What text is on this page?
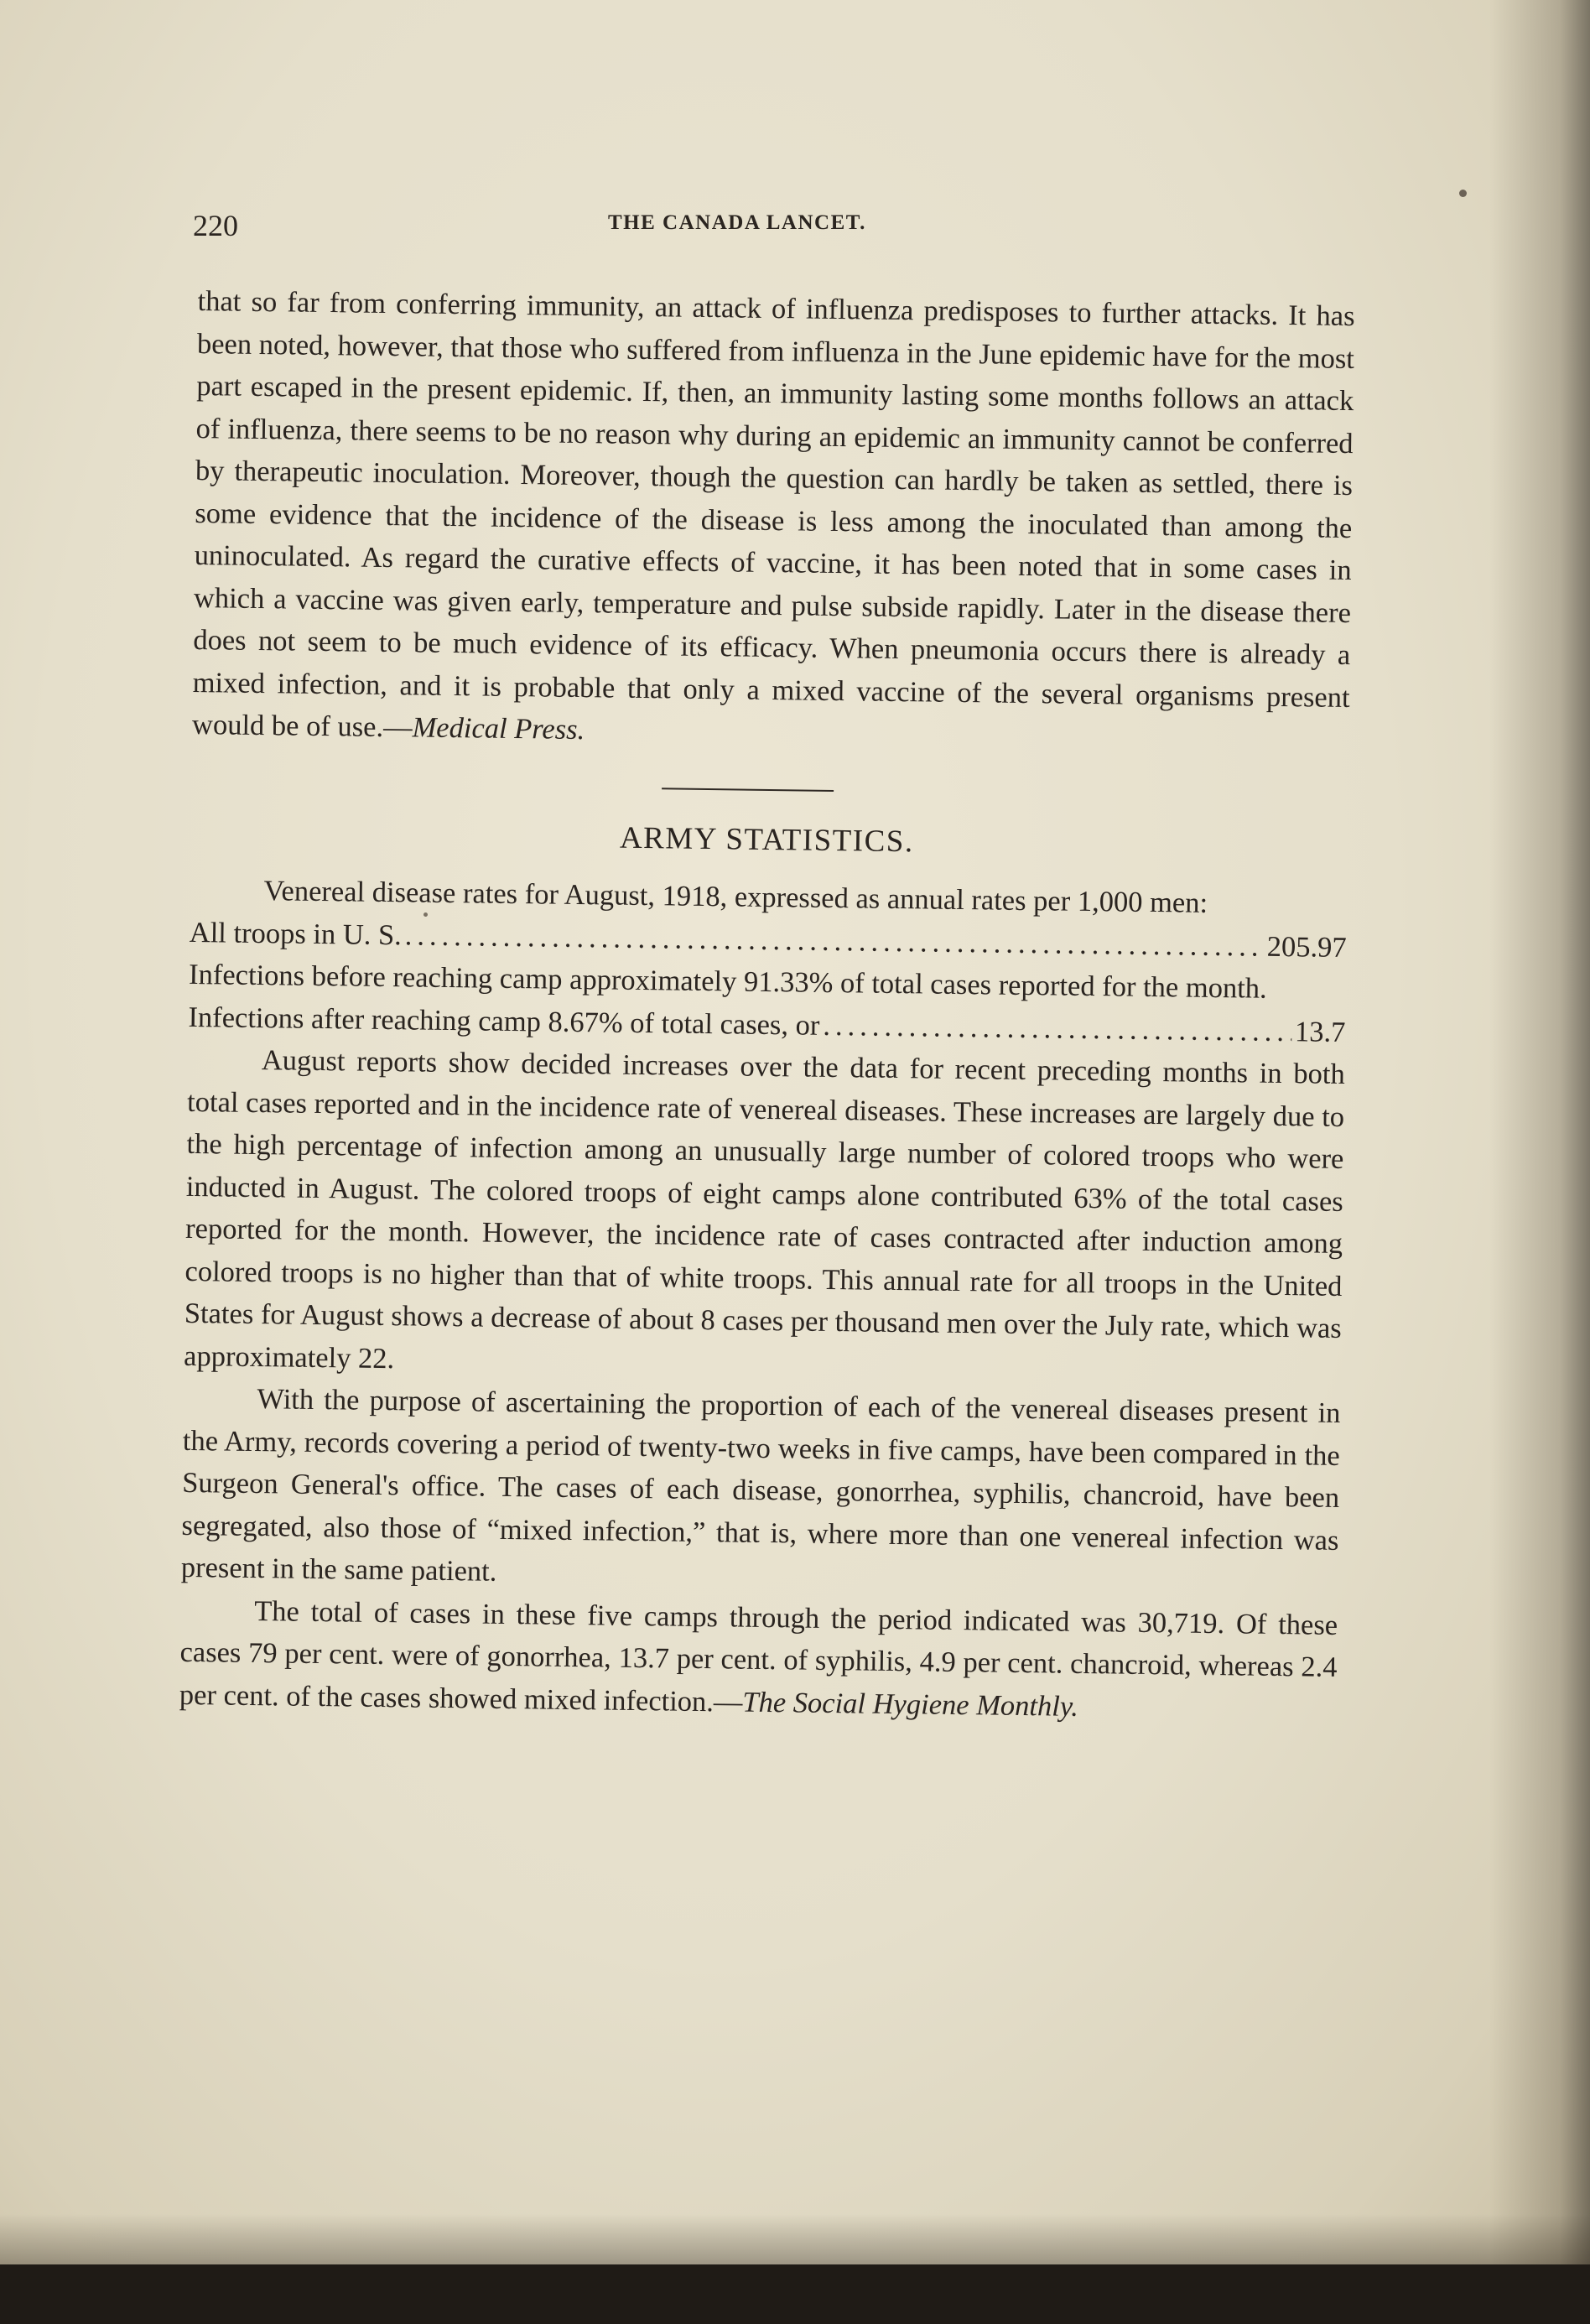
220	THE CANADA LANCET.

that so far from conferring immunity, an attack of influenza predisposes to further attacks. It has been noted, however, that those who suffered from influenza in the June epidemic have for the most part escaped in the present epidemic. If, then, an immunity lasting some months follows an attack of influenza, there seems to be no reason why during an epidemic an immunity cannot be conferred by therapeutic inoculation. Moreover, though the question can hardly be taken as settled, there is some evidence that the incidence of the disease is less among the inoculated than among the uninoculated. As regard the curative effects of vaccine, it has been noted that in some cases in which a vaccine was given early, temperature and pulse subside rapidly. Later in the disease there does not seem to be much evidence of its efficacy. When pneumonia occurs there is already a mixed infection, and it is probable that only a mixed vaccine of the several organisms present would be of use.—Medical Press.

ARMY STATISTICS.

Venereal disease rates for August, 1918, expressed as annual rates per 1,000 men:

All troops in U. S. .....	205.97

Infections before reaching camp approximately 91.33% of total cases reported for the month.

Infections after reaching camp 8.67% of total cases, or .....	13.7

August reports show decided increases over the data for recent preceding months in both total cases reported and in the incidence rate of venereal diseases. These increases are largely due to the high percentage of infection among an unusually large number of colored troops who were inducted in August. The colored troops of eight camps alone contributed 63% of the total cases reported for the month. However, the incidence rate of cases contracted after induction among colored troops is no higher than that of white troops. This annual rate for all troops in the United States for August shows a decrease of about 8 cases per thousand men over the July rate, which was approximately 22.

With the purpose of ascertaining the proportion of each of the venereal diseases present in the Army, records covering a period of twenty-two weeks in five camps, have been compared in the Surgeon General's office. The cases of each disease, gonorrhea, syphilis, chancroid, have been segregated, also those of “mixed infection,” that is, where more than one venereal infection was present in the same patient.

The total of cases in these five camps through the period indicated was 30,719. Of these cases 79 per cent. were of gonorrhea, 13.7 per cent. of syphilis, 4.9 per cent. chancroid, whereas 2.4 per cent. of the cases showed mixed infection.—The Social Hygiene Monthly.
